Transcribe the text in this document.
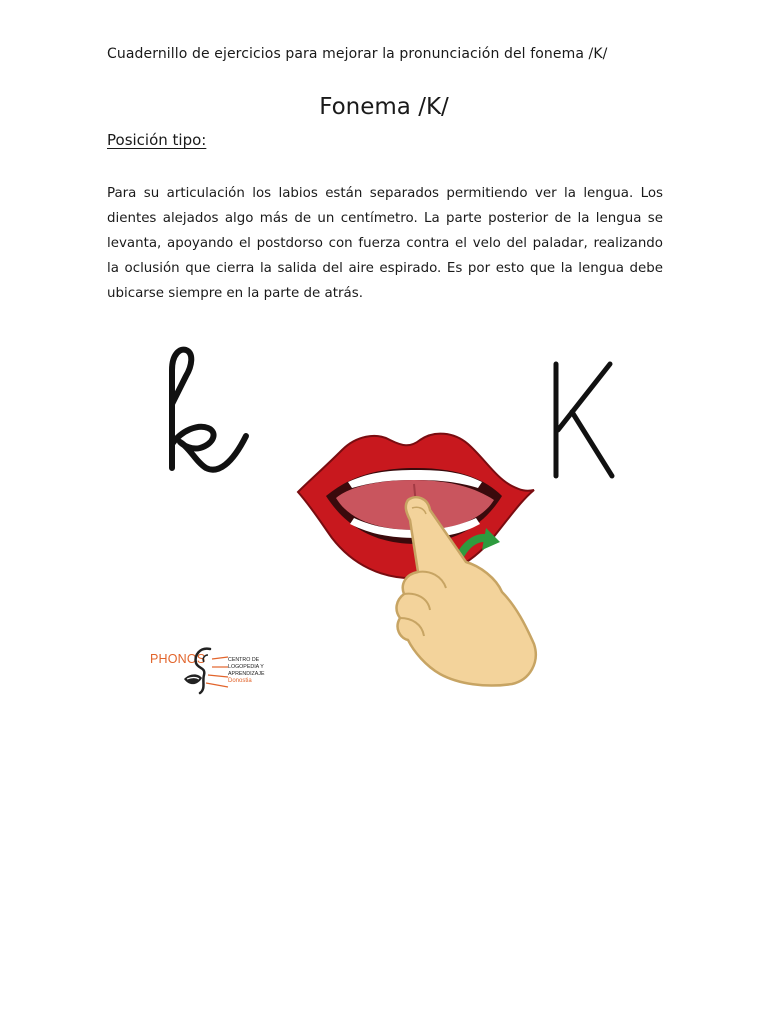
Cuadernillo de ejercicios para mejorar la pronunciación del fonema /K/
Fonema /K/
Posición tipo:

Para su articulación los labios están separados permitiendo ver la lengua. Los dientes alejados algo más de un centímetro. La parte posterior de la lengua se levanta, apoyando el postdorso con fuerza contra el velo del paladar, realizando la oclusión que cierra la salida del aire espirado. Es por esto que la lengua debe ubicarse siempre en la parte de atrás.

PHONOS	CENTRO DE LOGOPEDIA Y APRENDIZAJE
Donostia
